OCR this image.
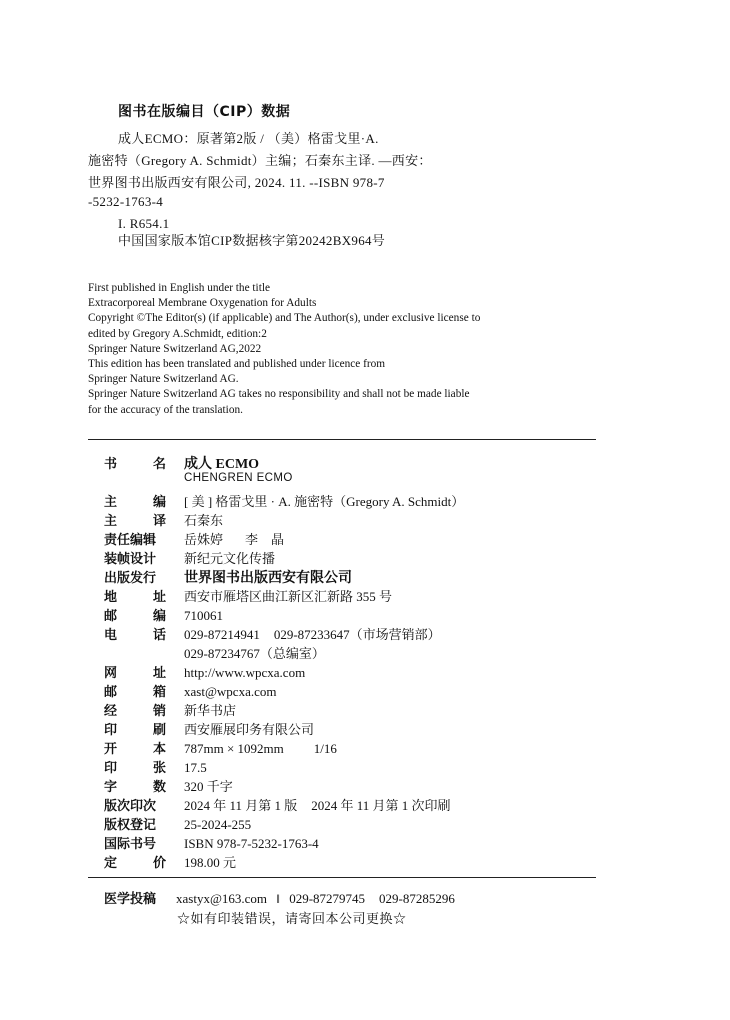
图书在版编目（CIP）数据
成人ECMO：原著第2版 / （美）格雷戈里·A.
施密特（Gregory A. Schmidt）主编；石秦东主译. —西安：
世界图书出版西安有限公司, 2024. 11. --ISBN 978-7
-5232-1763-4
I. R654.1
中国国家版本馆CIP数据核字第20242BX964号
First published in English under the title
Extracorporeal Membrane Oxygenation for Adults
Copyright ©The Editor(s) (if applicable) and The Author(s), under exclusive license to
edited by Gregory A.Schmidt, edition:2
Springer Nature Switzerland AG,2022
This edition has been translated and published under licence from
Springer Nature Switzerland AG.
Springer Nature Switzerland AG takes no responsibility and shall not be made liable
for the accuracy of the translation.
书	名 成人 ECMO
CHENGREN ECMO
主	编 [ 美 ] 格雷戈里 · A. 施密特（Gregory A. Schmidt）
主	译 石秦东
责任编辑	岳姝婷 李　晶
装帧设计	新纪元文化传播
出版发行	世界图书出版西安有限公司
地	址 西安市雁塔区曲江新区汇新路 355 号
邮	编 710061
电	话 029-87214941 029-87233647（市场营销部）
029-87234767（总编室）
网	址 http://www.wpcxa.com
邮	箱 xast@wpcxa.com
经	销 新华书店
印	刷 西安雁展印务有限公司
开	本 787mm × 1092mm 1/16
印	张 17.5
字	数 320 千字
版次印次	2024 年 11 月第 1 版 2024 年 11 月第 1 次印刷
版权登记	25-2024-255
国际书号	ISBN 978-7-5232-1763-4
定	价 198.00 元
医学投稿	xastyx@163.com ‖ 029-87279745 029-87285296
☆如有印装错误，请寄回本公司更换☆
